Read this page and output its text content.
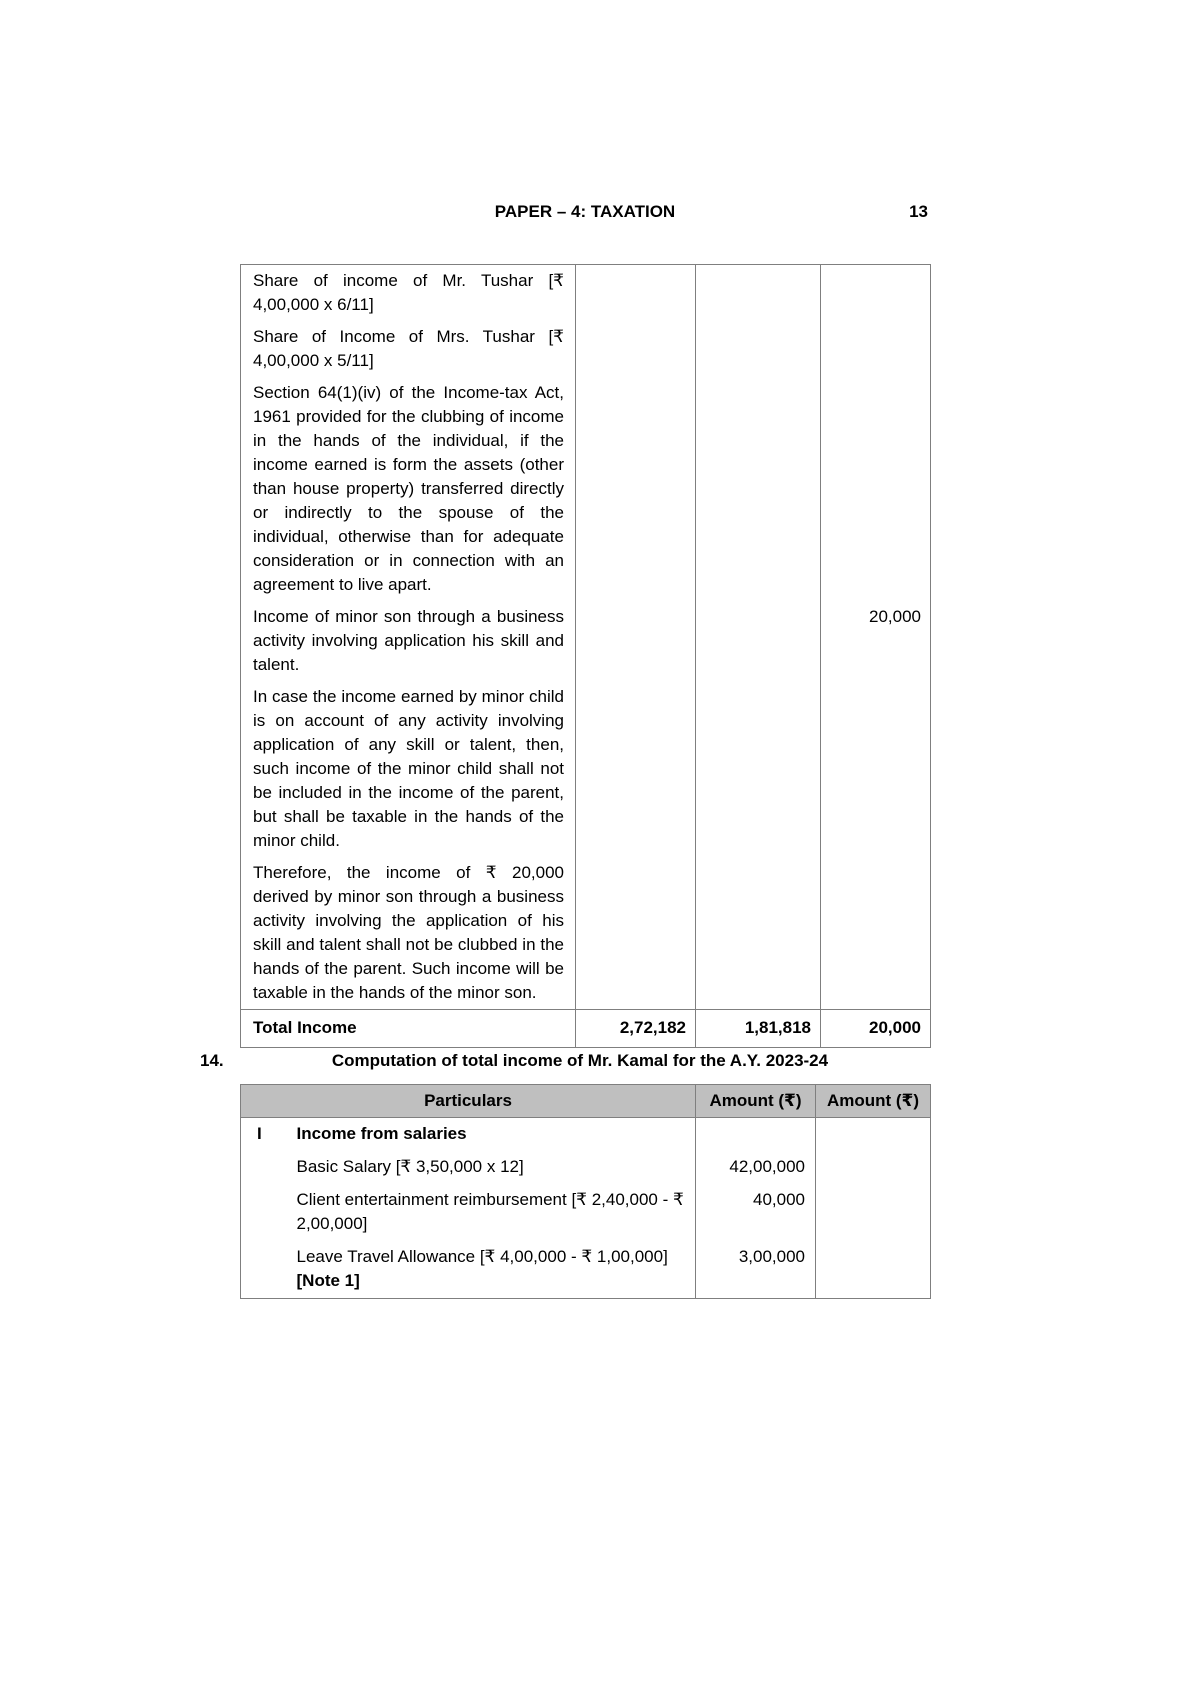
PAPER – 4: TAXATION	13
Share of income of Mr. Tushar [₹ 4,00,000 x 6/11]			
Share of Income of Mrs. Tushar [₹ 4,00,000 x 5/11]			
Section 64(1)(iv) of the Income-tax Act, 1961 provided for the clubbing of income in the hands of the individual, if the income earned is form the assets (other than house property) transferred directly or indirectly to the spouse of the individual, otherwise than for adequate consideration or in connection with an agreement to live apart.			
Income of minor son through a business activity involving application his skill and talent.			20,000
In case the income earned by minor child is on account of any activity involving application of any skill or talent, then, such income of the minor child shall not be included in the income of the parent, but shall be taxable in the hands of the minor child.			
Therefore, the income of ₹ 20,000 derived by minor son through a business activity involving the application of his skill and talent shall not be clubbed in the hands of the parent. Such income will be taxable in the hands of the minor son.			
Total Income	2,72,182	1,81,818	20,000
14.	Computation of total income of Mr. Kamal for the A.Y. 2023-24
Particulars		Amount (₹)	Amount (₹)
I	Income from salaries		
	Basic Salary [₹ 3,50,000 x 12]	42,00,000	
	Client entertainment reimbursement [₹ 2,40,000 - ₹ 2,00,000]	40,000	
	Leave Travel Allowance [₹ 4,00,000 - ₹ 1,00,000]
[Note 1]	3,00,000	
